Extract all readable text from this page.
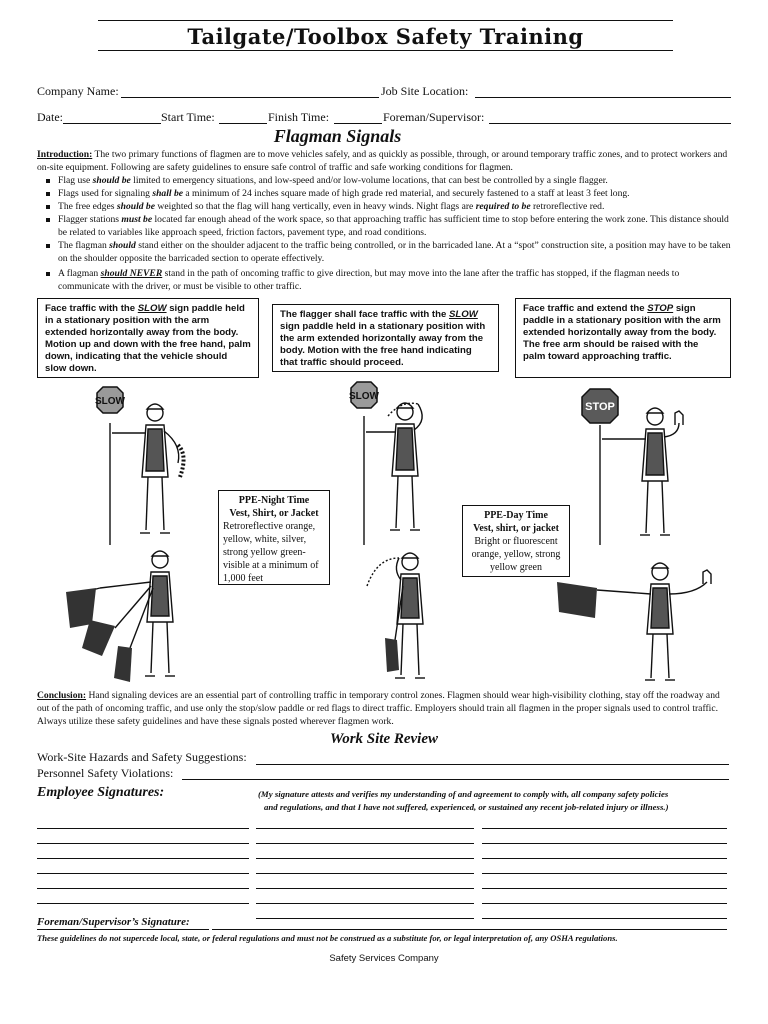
Tailgate/Toolbox Safety Training
Company Name:	Job Site Location:
Date:	Start Time:	Finish Time:	Foreman/Supervisor:
Flagman Signals
Introduction: The two primary functions of flagmen are to move vehicles safely, and as quickly as possible, through, or around temporary traffic zones, and to protect workers and on-site equipment. Following are safety guidelines to ensure safe control of traffic and safe working conditions for flagmen.
Flag use should be limited to emergency situations, and low-speed and/or low-volume locations, that can best be controlled by a single flagger.
Flags used for signaling shall be a minimum of 24 inches square made of high grade red material, and securely fastened to a staff at least 3 feet long.
The free edges should be weighted so that the flag will hang vertically, even in heavy winds. Night flags are required to be retroreflective red.
Flagger stations must be located far enough ahead of the work space, so that approaching traffic has sufficient time to stop before entering the work zone. This distance should be related to variables like approach speed, friction factors, pavement type, and road conditions.
The flagman should stand either on the shoulder adjacent to the traffic being controlled, or in the barricaded lane. At a “spot” construction site, a position may have to be taken on the shoulder opposite the barricaded section to operate effectively.
A flagman should NEVER stand in the path of oncoming traffic to give direction, but may move into the lane after the traffic has stopped, if the flagman needs to communicate with the driver, or must be visible to other traffic.
Face traffic with the SLOW sign paddle held in a stationary position with the arm extended horizontally away from the body. Motion up and down with the free hand, palm down, indicating that the vehicle should slow down.
The flagger shall face traffic with the SLOW sign paddle held in a stationary position with the arm extended horizontally away from the body. Motion with the free hand indicating that traffic should proceed.
Face traffic and extend the STOP sign paddle in a stationary position with the arm extended horizontally away from the body. The free arm should be raised with the palm toward approaching traffic.
SLOW	SLOW
STOP
PPE-Night Time
Vest, Shirt, or Jacket
Retroreflective orange, yellow, white, silver, strong yellow green-visible at a minimum of 1,000 feet
PPE-Day Time
Vest, shirt, or jacket
Bright or fluorescent orange, yellow, strong yellow green
Conclusion: Hand signaling devices are an essential part of controlling traffic in temporary control zones. Flagmen should wear high-visibility clothing, stay off the roadway and out of the path of oncoming traffic, and use only the stop/slow paddle or red flags to direct traffic. Employers should train all flagmen in the proper signals used to control traffic. Always utilize these safety guidelines and have these signals posted wherever flagmen work.
Work Site Review
Work-Site Hazards and Safety Suggestions:
Personnel Safety Violations:
Employee Signatures:	(My signature attests and verifies my understanding of and agreement to comply with, all company safety policies
and regulations, and that I have not suffered, experienced, or sustained any recent job-related injury or illness.)
Foreman/Supervisor’s Signature:
These guidelines do not supercede local, state, or federal regulations and must not be construed as a substitute for, or legal interpretation of, any OSHA regulations.
Safety Services Company
